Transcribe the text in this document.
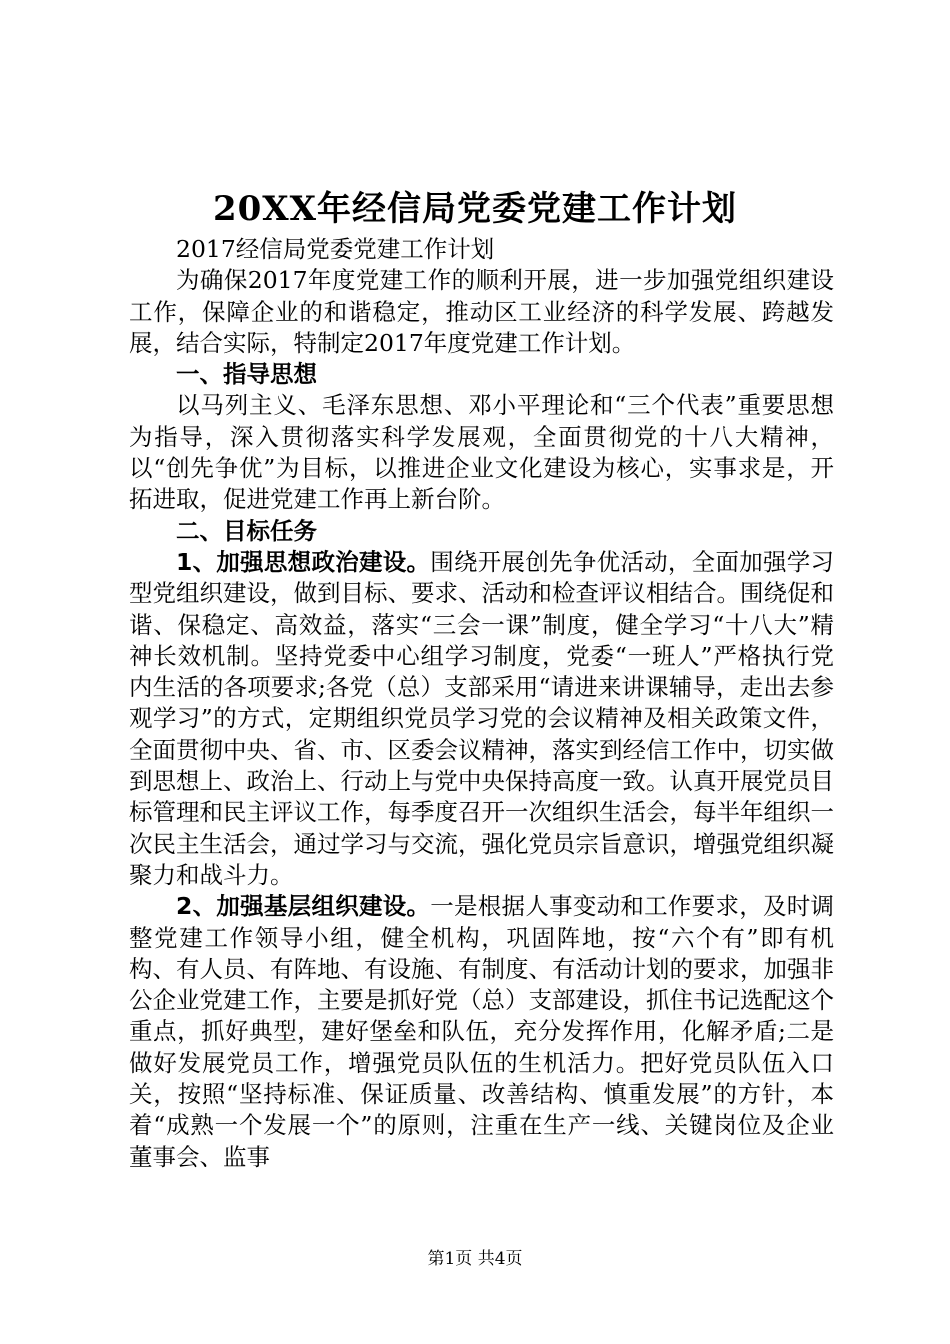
20XX年经信局党委党建工作计划

2017经信局党委党建工作计划

为确保2017年度党建工作的顺利开展，进一步加强党组织建设工作，保障企业的和谐稳定，推动区工业经济的科学发展、跨越发展，结合实际，特制定2017年度党建工作计划。

一、指导思想

以马列主义、毛泽东思想、邓小平理论和“三个代表”重要思想为指导，深入贯彻落实科学发展观，全面贯彻党的十八大精神，以“创先争优”为目标，以推进企业文化建设为核心，实事求是，开拓进取，促进党建工作再上新台阶。

二、目标任务

1、加强思想政治建设。围绕开展创先争优活动，全面加强学习型党组织建设，做到目标、要求、活动和检查评议相结合。围绕促和谐、保稳定、高效益，落实“三会一课”制度，健全学习“十八大”精神长效机制。坚持党委中心组学习制度，党委“一班人”严格执行党内生活的各项要求;各党（总）支部采用“请进来讲课辅导，走出去参观学习”的方式，定期组织党员学习党的会议精神及相关政策文件，全面贯彻中央、省、市、区委会议精神，落实到经信工作中，切实做到思想上、政治上、行动上与党中央保持高度一致。认真开展党员目标管理和民主评议工作，每季度召开一次组织生活会，每半年组织一次民主生活会，通过学习与交流，强化党员宗旨意识，增强党组织凝聚力和战斗力。

2、加强基层组织建设。一是根据人事变动和工作要求，及时调整党建工作领导小组，健全机构，巩固阵地，按“六个有”即有机构、有人员、有阵地、有设施、有制度、有活动计划的要求，加强非公企业党建工作，主要是抓好党（总）支部建设，抓住书记选配这个重点，抓好典型，建好堡垒和队伍，充分发挥作用，化解矛盾;二是做好发展党员工作，增强党员队伍的生机活力。把好党员队伍入口关，按照“坚持标准、保证质量、改善结构、慎重发展”的方针，本着“成熟一个发展一个”的原则，注重在生产一线、关键岗位及企业董事会、监事

第1页 共4页
